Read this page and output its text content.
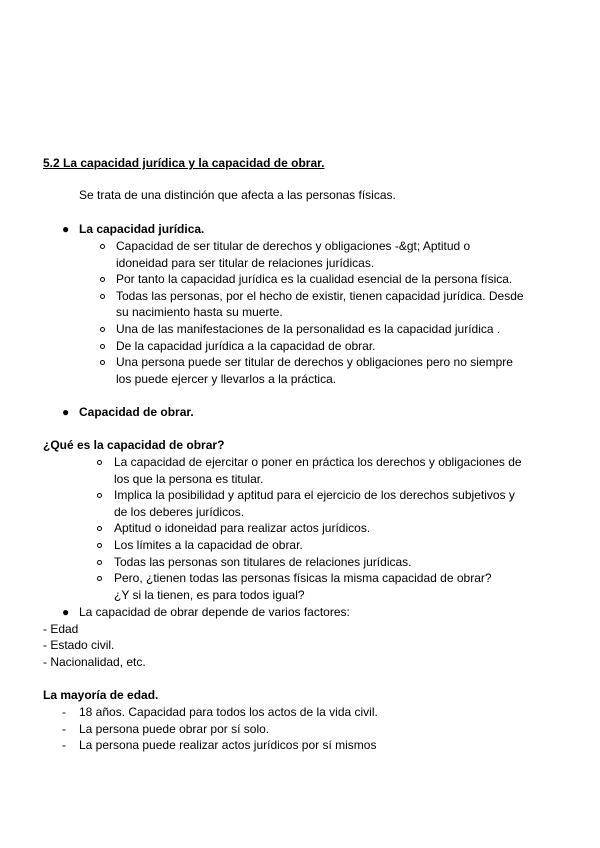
5.2 La capacidad jurídica y la capacidad de obrar.
Se trata de una distinción que afecta a las personas físicas.
● La capacidad jurídica.
Capacidad de ser titular de derechos y obligaciones -&gt; Aptitud o
idoneidad para ser titular de relaciones jurídicas.
Por tanto la capacidad jurídica es la cualidad esencial de la persona física.
Todas las personas, por el hecho de existir, tienen capacidad jurídica. Desde
su nacimiento hasta su muerte.
Una de las manifestaciones de la personalidad es la capacidad jurídica .
De la capacidad jurídica a la capacidad de obrar.
Una persona puede ser titular de derechos y obligaciones pero no siempre
los puede ejercer y llevarlos a la práctica.
● Capacidad de obrar.
¿Qué es la capacidad de obrar?
La capacidad de ejercitar o poner en práctica los derechos y obligaciones de
los que la persona es titular.
Implica la posibilidad y aptitud para el ejercicio de los derechos subjetivos y
de los deberes jurídicos.
Aptitud o idoneidad para realizar actos jurídicos.
Los límites a la capacidad de obrar.
Todas las personas son titulares de relaciones jurídicas.
Pero, ¿tienen todas las personas físicas la misma capacidad de obrar?
¿Y si la tienen, es para todos igual?
● La capacidad de obrar depende de varios factores:
- Edad
- Estado civil.
- Nacionalidad, etc.
La mayoría de edad.
- 18 años. Capacidad para todos los actos de la vida civil.
- La persona puede obrar por sí solo.
- La persona puede realizar actos jurídicos por sí mismos
